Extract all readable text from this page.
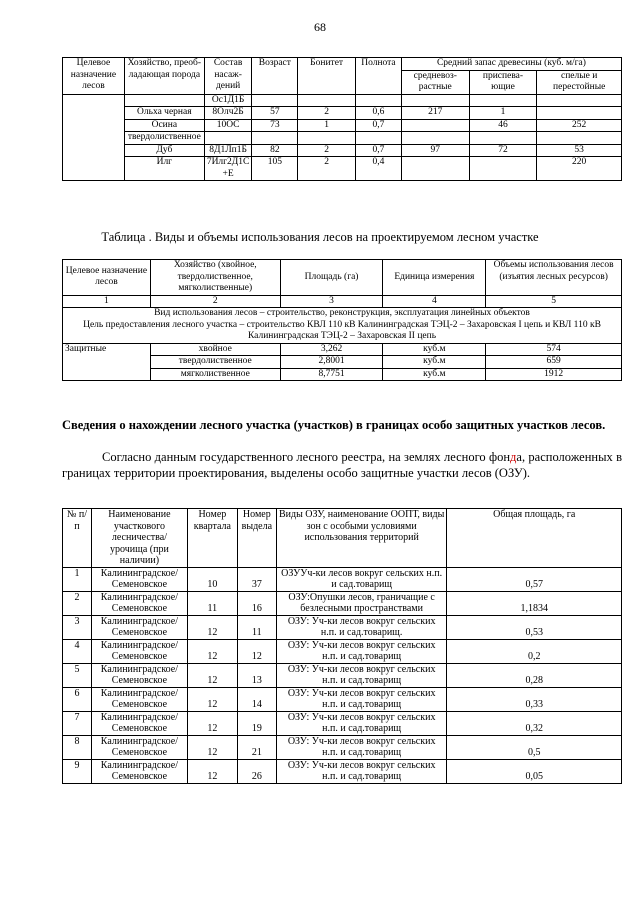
68
Целевое назначение лесов	Хозяйство, преоб-ладающая порода	Состав насаж-дений	Возраст	Бонитет	Полнота	Средний запас древесины (куб. м/га)		
						средневоз-растные	приспева-ющие	спелые и перестойные
		Ос1Д1Б						
	Ольха черная	8Олч2Б	57	2	0,6	217	1	
	Осина	10ОС	73	1	0,7		46	252
	твердолиственное							
	Дуб	8Д1Лп1Б	82	2	0,7	97	72	53
	Илг	7Илг2Д1С +Е	105	2	0,4			220
Таблица . Виды и объемы использования лесов на проектируемом лесном участке
Целевое назначение лесов	Хозяйство (хвойное, твердолиственное, мягколиственные)	Площадь (га)	Единица измерения	Объемы использования лесов (изъятия лесных ресурсов)
1	2	3	4	5

Вид использования лесов – строительство, реконструкция, эксплуатация линейных объектов
Цель предоставления лесного участка – строительство КВЛ 110 кВ Калининградская ТЭЦ-2 – Захаровская I цепь и КВЛ 110 кВ Калининградская ТЭЦ-2 – Захаровская II цепь				

Защитные	хвойное	3,262	куб.м	574
	твердолиственное	2,8001	куб.м	659
	мягколиственное	8,7751	куб.м	1912
Сведения о нахождении лесного участка (участков) в границах особо защитных участков лесов.
Согласно данным государственного лесного реестра, на землях лесного фонда, расположенных в границах территории проектирования, выделены особо защитные участки лесов (ОЗУ).
№ п/п	Наименование участкового лесничества/урочища (при наличии)	Номер квартала	Номер выдела	Виды ОЗУ, наименование ООПТ, виды зон с особыми условиями использования территорий	Общая площадь, га
1	Калининградское/ Семеновское	10	37	ОЗУУч-ки лесов вокруг сельских н.п. и сад.товарищ	0,57
2	Калининградское/ Семеновское	11	16	ОЗУ:Опушки лесов, граничащие с безлесными пространствами	1,1834
3	Калининградское/ Семеновское	12	11	ОЗУ: Уч-ки лесов вокруг сельских н.п. и сад.товарищ.	0,53
4	Калининградское/ Семеновское	12	12	ОЗУ: Уч-ки лесов вокруг сельских н.п. и сад.товарищ	0,2
5	Калининградское/ Семеновское	12	13	ОЗУ: Уч-ки лесов вокруг сельских н.п. и сад.товарищ	0,28
6	Калининградское/ Семеновское	12	14	ОЗУ: Уч-ки лесов вокруг сельских н.п. и сад.товарищ	0,33
7	Калининградское/ Семеновское	12	19	ОЗУ: Уч-ки лесов вокруг сельских н.п. и сад.товарищ	0,32
8	Калининградское/ Семеновское	12	21	ОЗУ: Уч-ки лесов вокруг сельских н.п. и сад.товарищ	0,5
9	Калининградское/ Семеновское	12	26	ОЗУ: Уч-ки лесов вокруг сельских н.п. и сад.товарищ	0,05
